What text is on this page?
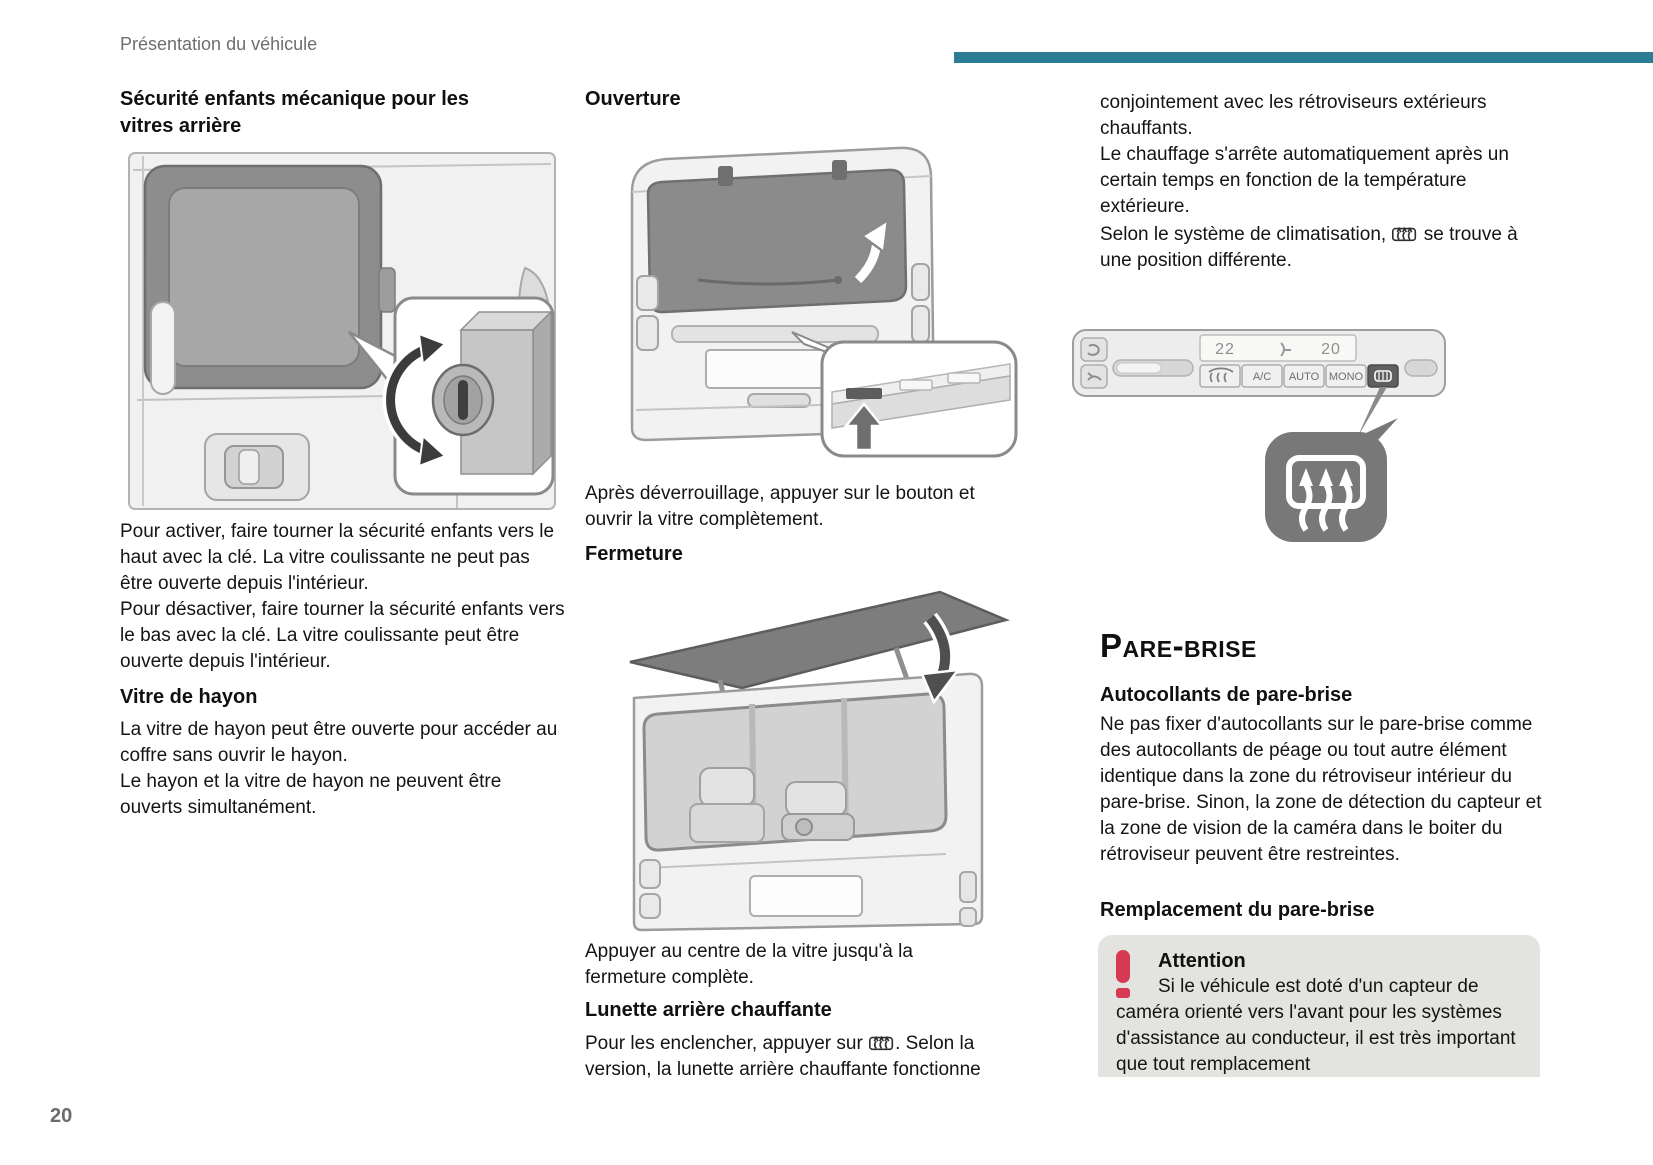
Présentation du véhicule
Sécurité enfants mécanique pour les vitres arrière
Pour activer, faire tourner la sécurité enfants vers le haut avec la clé. La vitre coulissante ne peut pas être ouverte depuis l'intérieur.
Pour désactiver, faire tourner la sécurité enfants vers le bas avec la clé. La vitre coulissante peut être ouverte depuis l'intérieur.
Vitre de hayon
La vitre de hayon peut être ouverte pour accéder au coffre sans ouvrir le hayon.
Le hayon et la vitre de hayon ne peuvent être ouverts simultanément.
Ouverture
Après déverrouillage, appuyer sur le bouton et ouvrir la vitre complètement.
Fermeture
Appuyer au centre de la vitre jusqu'à la fermeture complète.
Lunette arrière chauffante
Pour les enclencher, appuyer sur . Selon la version, la lunette arrière chauffante fonctionne
conjointement avec les rétroviseurs extérieurs chauffants.
Le chauffage s'arrête automatiquement après un certain temps en fonction de la température extérieure.
Selon le système de climatisation,  se trouve à une position différente.
22	20
A/C AUTO MONO
Pare-brise
Autocollants de pare-brise
Ne pas fixer d'autocollants sur le pare-brise comme des autocollants de péage ou tout autre élément identique dans la zone du rétroviseur intérieur du pare-brise. Sinon, la zone de détection du capteur et la zone de vision de la caméra dans le boiter du rétroviseur peuvent être restreintes.
Remplacement du pare-brise
Attention
Si le véhicule est doté d'un capteur de caméra orienté vers l'avant pour les systèmes d'assistance au conducteur, il est très important que tout remplacement
20
